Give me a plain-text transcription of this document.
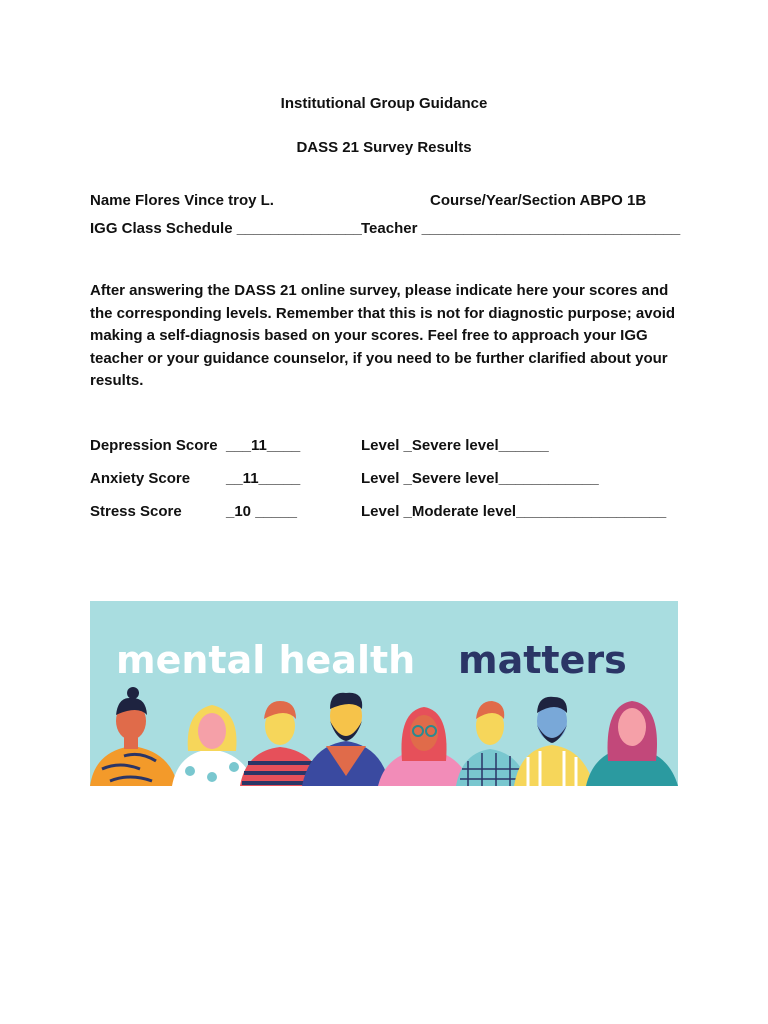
Institutional Group Guidance
DASS 21 Survey Results
Name Flores Vince troy L.	Course/Year/Section ABPO 1B
IGG Class Schedule _______________ Teacher _______________________________
After answering the DASS 21 online survey, please indicate here your scores and the corresponding levels. Remember that this is not for diagnostic purpose; avoid making a self-diagnosis based on your scores. Feel free to approach your IGG teacher or your guidance counselor, if you need to be further clarified about your results.
Depression Score ___11____	Level _Severe level______
Anxiety Score __11_____	Level _Severe level____________
Stress Score	_10 _____	Level _Moderate level__________________
mental health matters
